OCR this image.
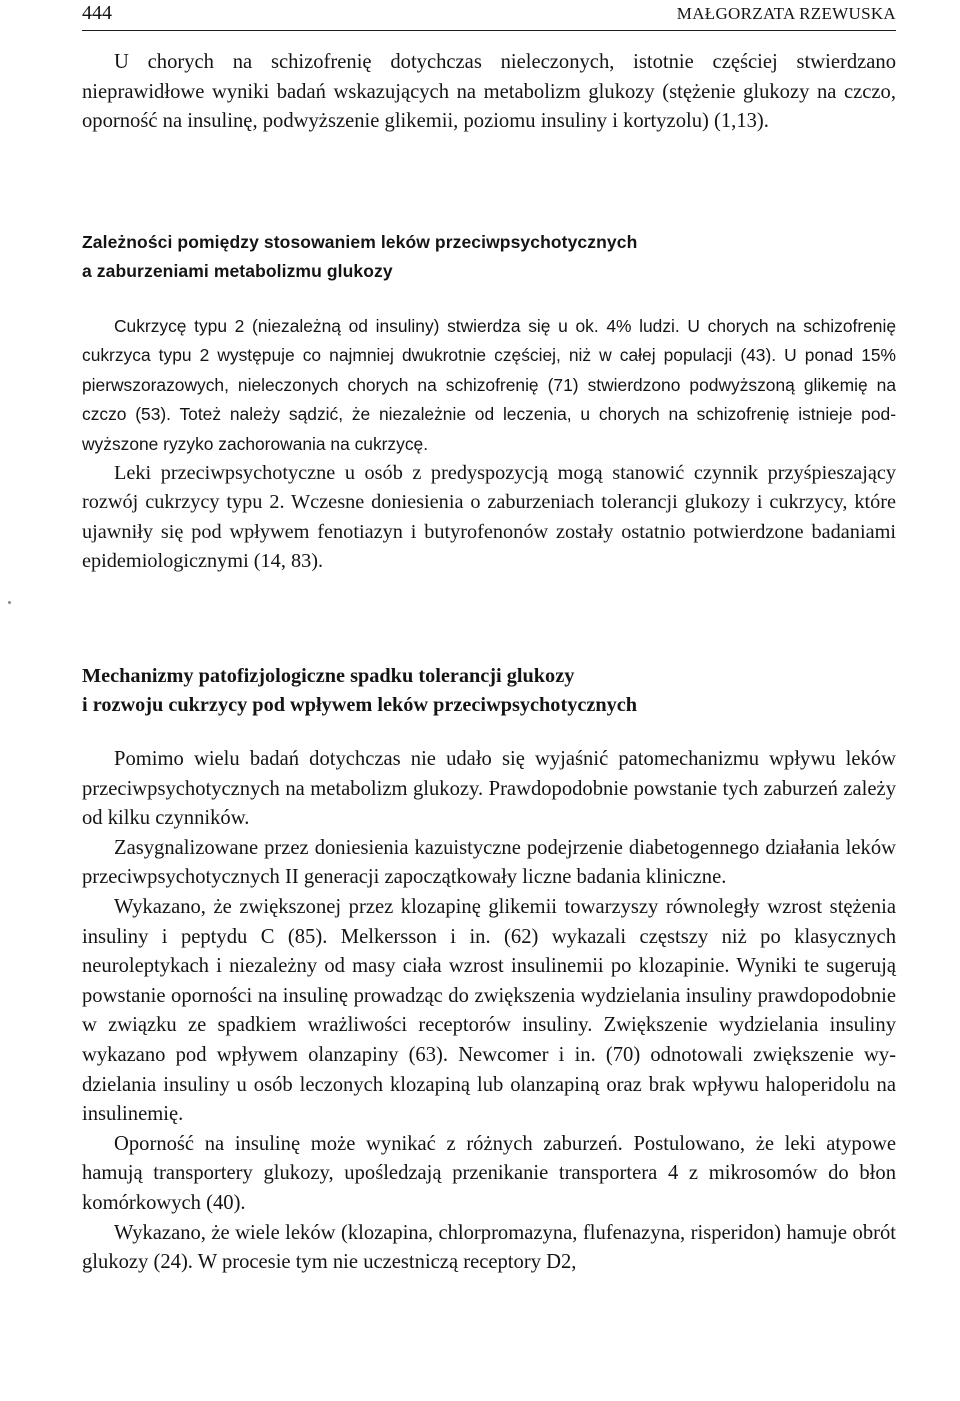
444	MAŁGORZATA RZEWUSKA

U chorych na schizofrenię dotychczas nieleczonych, istotnie częściej stwierdzano nieprawidłowe wyniki badań wskazujących na metabolizm glukozy (stężenie glukozy na czczo, oporność na insulinę, podwyższenie glikemii, poziomu insuliny i kortyzolu) (1,13).

Zależności pomiędzy stosowaniem leków przeciwpsychotycznych
a zaburzeniami metabolizmu glukozy

Cukrzycę typu 2 (niezależną od insuliny) stwierdza się u ok. 4% ludzi. U chorych na schizofrenię cukrzyca typu 2 występuje co najmniej dwukrotnie częściej, niż w całej populacji (43). U ponad 15% pierwszorazowych, nieleczonych chorych na schizofrenię (71) stwierdzono podwyższoną glikemię na czczo (53). Toteż należy sądzić, że niezależnie od leczenia, u chorych na schizofrenię istnieje podwyższone ryzyko zachorowania na cukrzycę.

Leki przeciwpsychotyczne u osób z predyspozycją mogą stanowić czynnik przyśpieszający rozwój cukrzycy typu 2. Wczesne doniesienia o zaburzeniach tolerancji glukozy i cukrzycy, które ujawniły się pod wpływem fenotiazyn i butyrofenonów zostały ostatnio potwierdzone badaniami epidemiologicznymi (14, 83).

Mechanizmy patofizjologiczne spadku tolerancji glukozy
i rozwoju cukrzycy pod wpływem leków przeciwpsychotycznych

Pomimo wielu badań dotychczas nie udało się wyjaśnić patomechanizmu wpływu leków przeciwpsychotycznych na metabolizm glukozy. Prawdopodobnie powstanie tych zaburzeń zależy od kilku czynników.

Zasygnalizowane przez doniesienia kazuistyczne podejrzenie diabetogennego działania leków przeciwpsychotycznych II generacji zapoczątkowały liczne badania kliniczne.

Wykazano, że zwiększonej przez klozapinę glikemii towarzyszy równoległy wzrost stężenia insuliny i peptydu C (85). Melkersson i in. (62) wykazali częstszy niż po klasycznych neuroleptykach i niezależny od masy ciała wzrost insulinemii po klozapinie. Wyniki te sugerują powstanie oporności na insulinę prowadząc do zwiększenia wydzielania insuliny prawdopodobnie w związku ze spadkiem wrażliwości receptorów insuliny. Zwiększenie wydzielania insuliny wykazano pod wpływem olanzapiny (63). Newcomer i in. (70) odnotowali zwiększenie wydzielania insuliny u osób leczonych klozapiną lub olanzapiną oraz brak wpływu haloperidolu na insulinemię.

Oporność na insulinę może wynikać z różnych zaburzeń. Postulowano, że leki atypowe hamują transportery glukozy, upośledzają przenikanie transportera 4 z mikrosomów do błon komórkowych (40).

Wykazano, że wiele leków (klozapina, chlorpromazyna, flufenazyna, risperidon) hamuje obrót glukozy (24). W procesie tym nie uczestniczą receptory D2,
